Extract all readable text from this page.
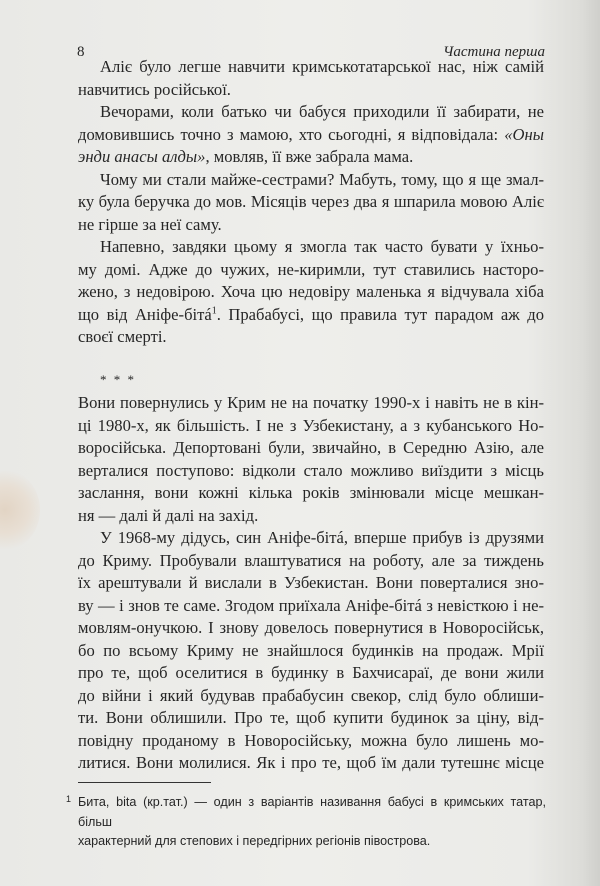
8	Частина перша
Аліє було легше навчити кримськотатарської нас, ніж самій
навчитись російської.
Вечорами, коли батько чи бабуся приходили її забирати, не
домовившись точно з мамою, хто сьогодні, я відповідала: «Оны
энди анасы алды», мовляв, її вже забрала мама.
Чому ми стали майже-сестрами? Мабуть, тому, що я ще змал-
ку була беручка до мов. Місяців через два я шпарила мовою Аліє
не гірше за неї саму.
Напевно, завдяки цьому я змогла так часто бувати у їхньо-
му домі. Адже до чужих, не-киримли, тут ставились насторо-
жено, з недовірою. Хоча цю недовіру маленька я відчувала хіба
що від Аніфе-бітá$^1$. Прабабусі, що правила тут парадом аж до
своєї смерті.
* * *
Вони повернулись у Крим не на початку 1990-х і навіть не в кін-
ці 1980-х, як більшість. І не з Узбекистану, а з кубанського Но-
воросійська. Депортовані були, звичайно, в Середню Азію, але
верталися поступово: відколи стало можливо виїздити з місць
заслання, вони кожні кілька років змінювали місце мешкан-
ня — далі й далі на захід.
У 1968-му дідусь, син Аніфе-бітá, вперше прибув із друзями
до Криму. Пробували влаштуватися на роботу, але за тиждень
їх арештували й вислали в Узбекистан. Вони поверталися зно-
ву — і знов те саме. Згодом приїхала Аніфе-бітá з невісткою і не-
мовлям-онучкою. І знову довелось повернутися в Новоросійськ,
бо по всьому Криму не знайшлося будинків на продаж. Мрії
про те, щоб оселитися в будинку в Бахчисараї, де вони жили
до війни і який будував прабабусин свекор, слід було облиши-
ти. Вони облишили. Про те, щоб купити будинок за ціну, від-
повідну проданому в Новоросійську, можна було лишень мо-
литися. Вони молилися. Як і про те, щоб їм дали тутешнє місце
1 Бита, bita (кр.тат.) — один з варіантів називання бабусі в кримських татар, більш
характерний для степових і передгірних регіонів півострова.
